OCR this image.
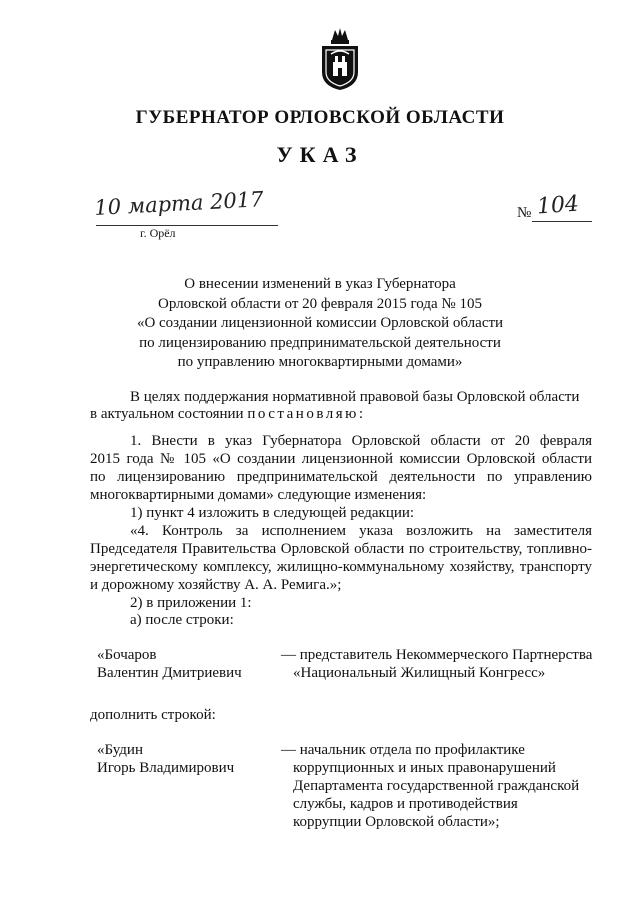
ГУБЕРНАТОР ОРЛОВСКОЙ ОБЛАСТИ
УКАЗ
10 марта 2017
г. Орёл
№ 104
О внесении изменений в указ Губернатора
Орловской области от 20 февраля 2015 года № 105
«О создании лицензионной комиссии Орловской области
по лицензированию предпринимательской деятельности
по управлению многоквартирными домами»
В целях поддержания нормативной правовой базы Орловской области
в актуальном состоянии постановляю:
1. Внести в указ Губернатора Орловской области от 20 февраля
2015 года № 105 «О создании лицензионной комиссии Орловской области
по лицензированию предпринимательской деятельности по управлению
многоквартирными домами» следующие изменения:
1) пункт 4 изложить в следующей редакции:
«4. Контроль за исполнением указа возложить на заместителя
Председателя Правительства Орловской области по строительству, топливно-
энергетическому комплексу, жилищно-коммунальному хозяйству, транспорту
и дорожному хозяйству А. А. Ремига.»;
2) в приложении 1:
а) после строки:
«Бочаров
Валентин Дмитриевич
— представитель Некоммерческого Партнерства
«Национальный Жилищный Конгресс»
дополнить строкой:
«Будин
Игорь Владимирович
— начальник отдела по профилактике
коррупционных и иных правонарушений
Департамента государственной гражданской
службы, кадров и противодействия
коррупции Орловской области»;
